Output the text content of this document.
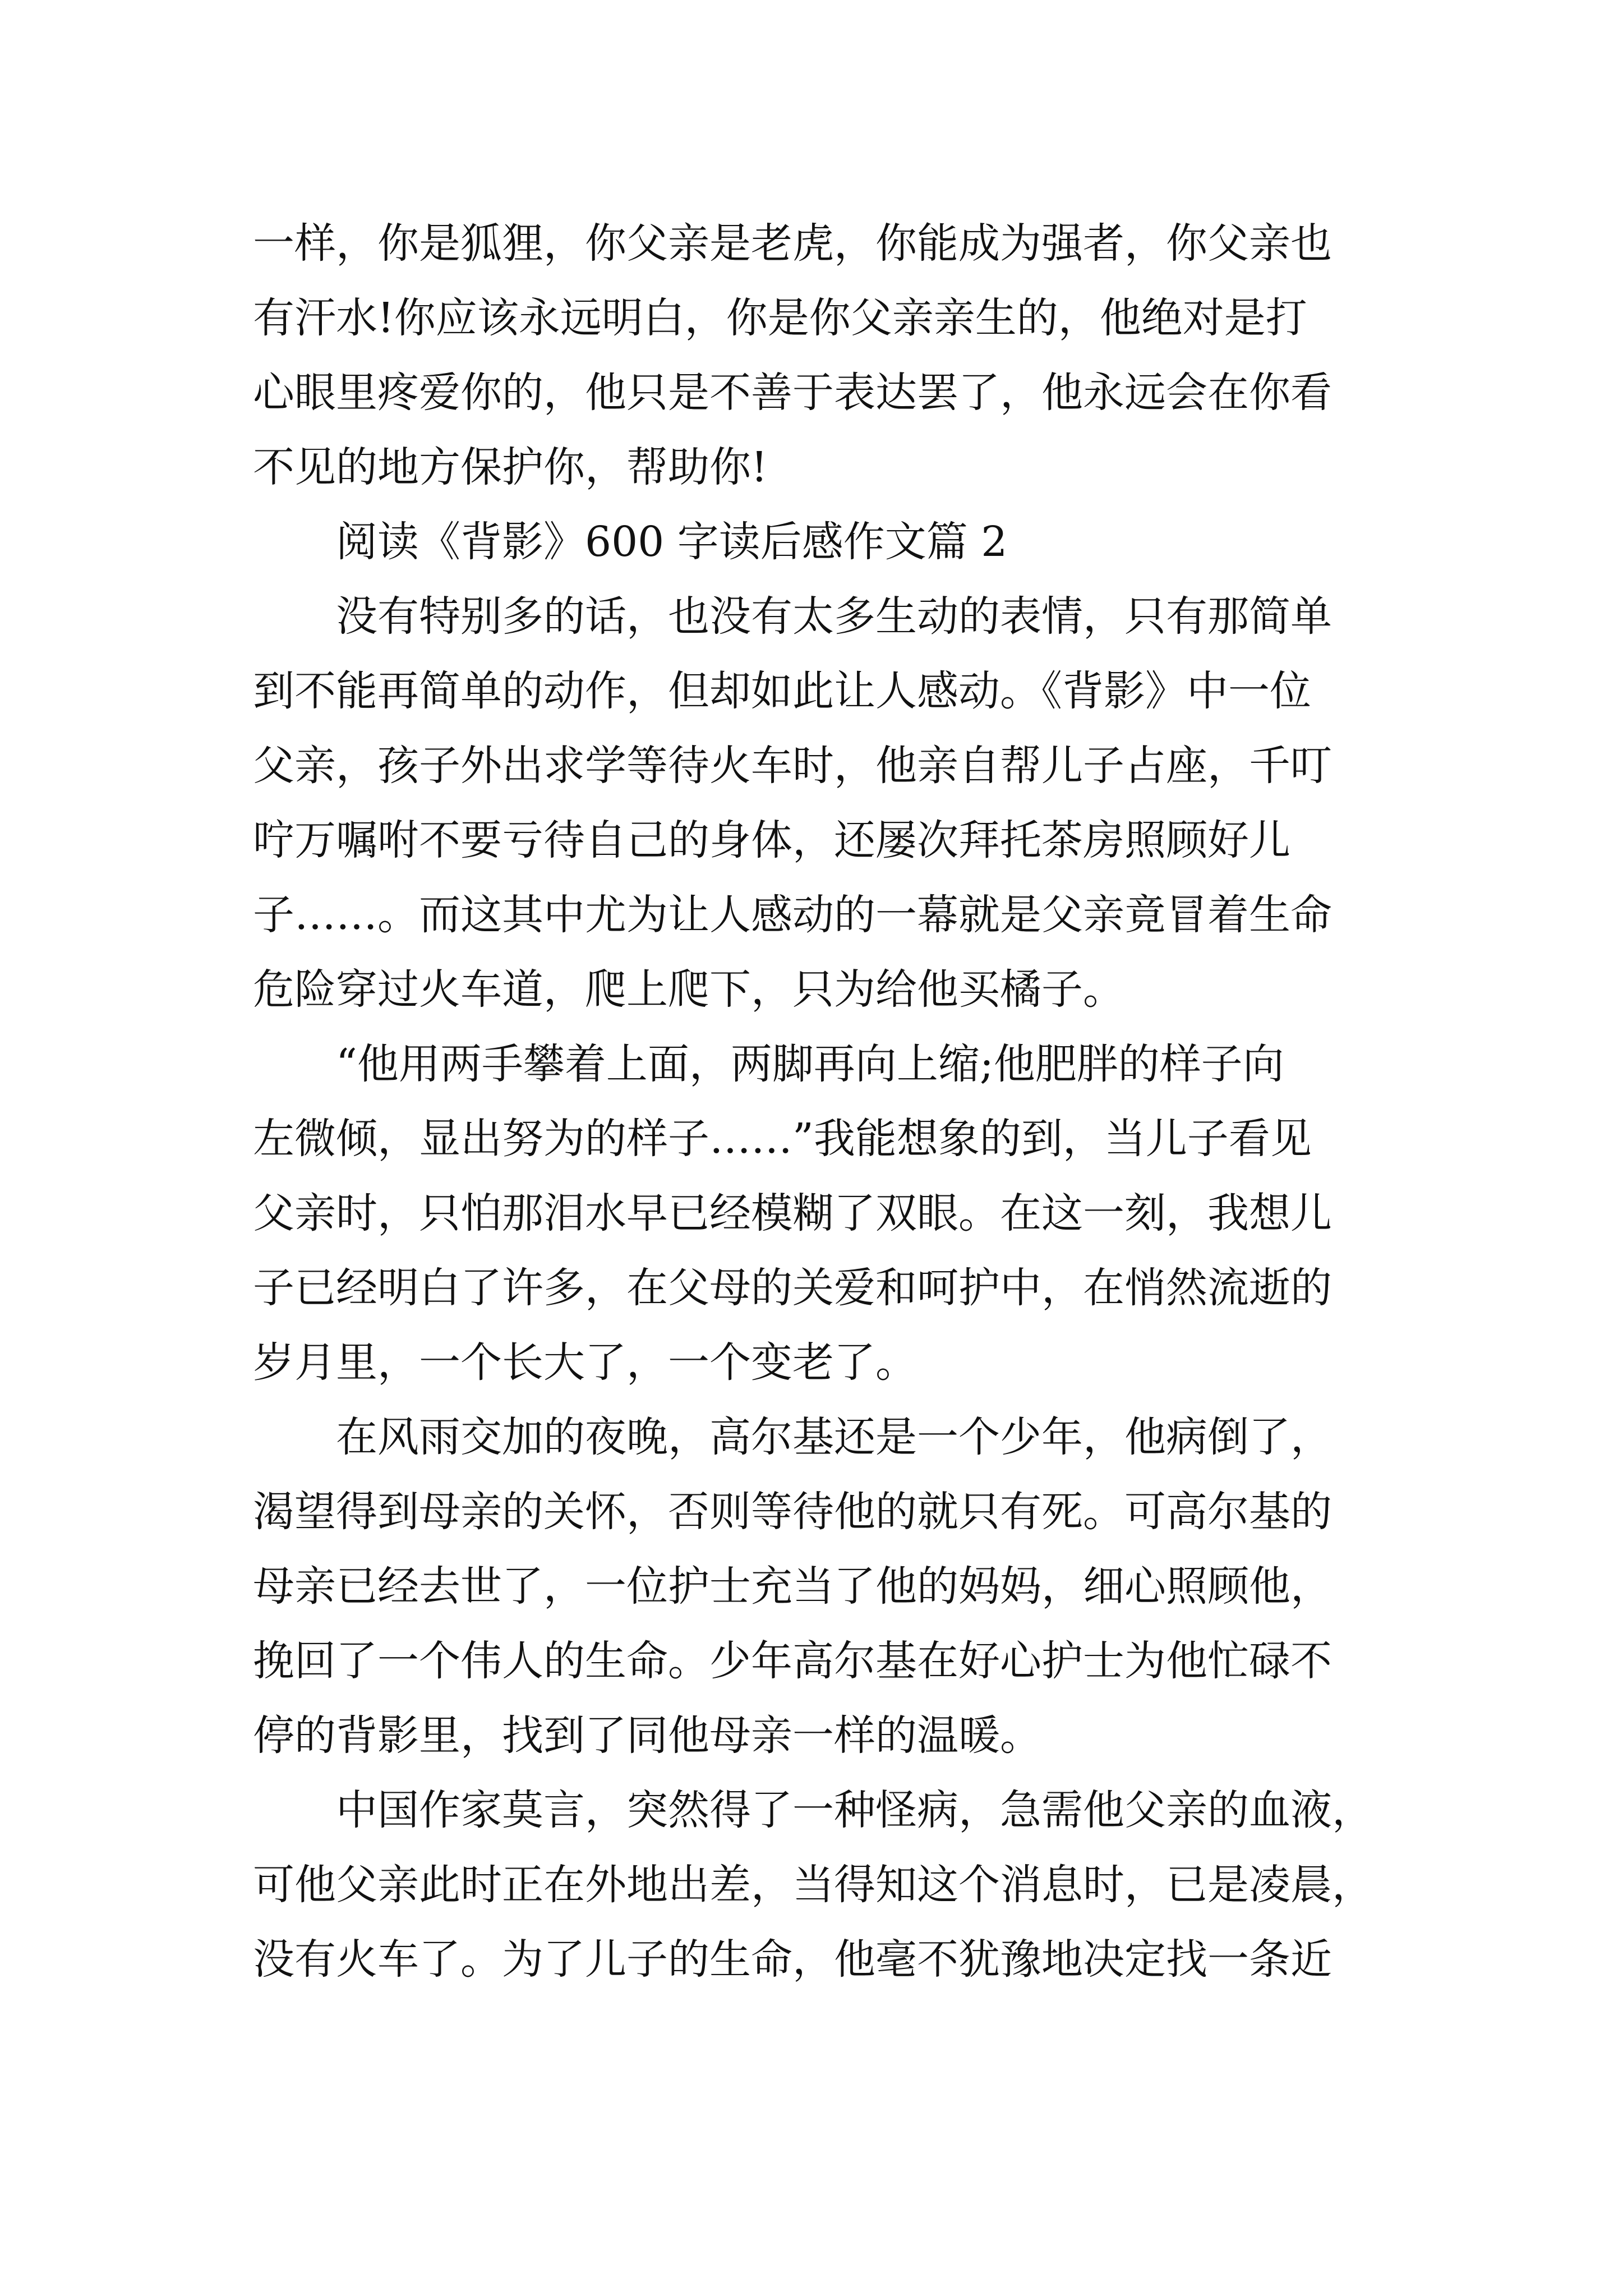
一样，你是狐狸，你父亲是老虎，你能成为强者，你父亲也
有汗水!你应该永远明白，你是你父亲亲生的，他绝对是打
心眼里疼爱你的，他只是不善于表达罢了，他永远会在你看
不见的地方保护你，帮助你!
阅读《背影》600 字读后感作文篇 2
没有特别多的话，也没有太多生动的表情，只有那简单
到不能再简单的动作，但却如此让人感动。《背影》中一位
父亲，孩子外出求学等待火车时，他亲自帮儿子占座，千叮
咛万嘱咐不要亏待自己的身体，还屡次拜托茶房照顾好儿
子……。而这其中尤为让人感动的一幕就是父亲竟冒着生命
危险穿过火车道，爬上爬下，只为给他买橘子。
“他用两手攀着上面，两脚再向上缩;他肥胖的样子向
左微倾，显出努为的样子……”我能想象的到，当儿子看见
父亲时，只怕那泪水早已经模糊了双眼。在这一刻，我想儿
子已经明白了许多，在父母的关爱和呵护中，在悄然流逝的
岁月里，一个长大了，一个变老了。
在风雨交加的夜晚，高尔基还是一个少年，他病倒了，
渴望得到母亲的关怀，否则等待他的就只有死。可高尔基的
母亲已经去世了，一位护士充当了他的妈妈，细心照顾他，
挽回了一个伟人的生命。少年高尔基在好心护士为他忙碌不
停的背影里，找到了同他母亲一样的温暖。
中国作家莫言，突然得了一种怪病，急需他父亲的血液，
可他父亲此时正在外地出差，当得知这个消息时，已是凌晨，
没有火车了。为了儿子的生命，他毫不犹豫地决定找一条近
